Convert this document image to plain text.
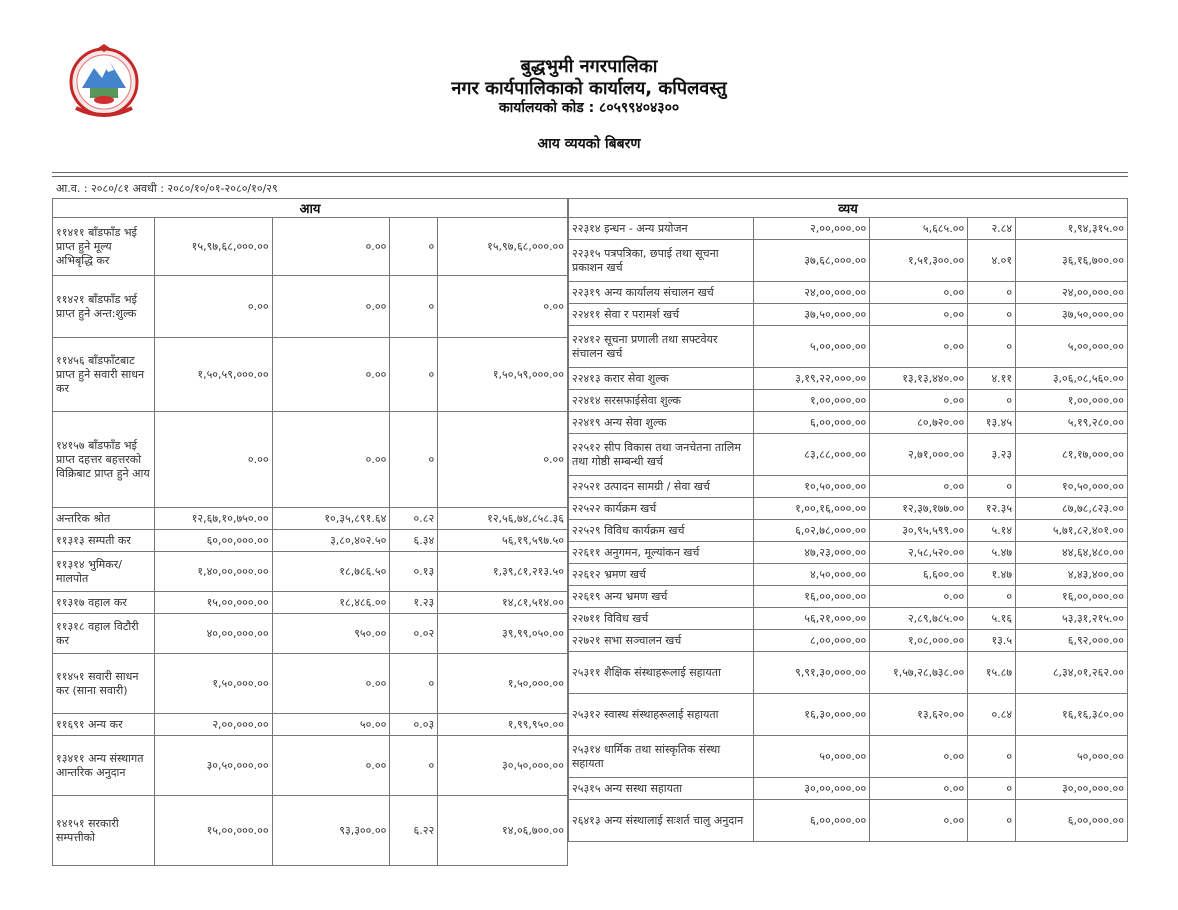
बुद्धभुमी नगरपालिका
नगर कार्यपालिकाको कार्यालय, कपिलवस्तु
कार्यालयको कोड : ८०५९९४०४३००
आय व्ययको बिबरण
आ.व. : २०८०/८१ अवधी : २०८०/१०/०१-२०८०/१०/२९
आय				
११४११ बाँडफाँड भई प्राप्त हुने मूल्य अभिबृद्धि कर	१५,९७,६८,०००.००	०.००	०	१५,९७,६८,०००.००
११४२१ बाँडफाँड भई प्राप्त हुने अन्त:शुल्क	०.००	०.००	०	०.००
११४५६ बाँडफाँटबाट प्राप्त हुने सवारी साधन कर	१,५०,५९,०००.००	०.००	०	१,५०,५९,०००.००
१४१५७ बाँडफाँड भई प्राप्त दहत्तर बहत्तरको विक्रिबाट प्राप्त हुने आय	०.००	०.००	०	०.००
अन्तरिक श्रोत	१२,६७,१०,७५०.००	१०,३५,८९१.६४	०.८२	१२,५६,७४,८५८.३६
११३१३ सम्पती कर	६०,००,०००.००	३,८०,४०२.५०	६.३४	५६,१९,५९७.५०
११३१४ भुमिकर/ मालपोत	१,४०,००,०००.००	१८,७८६.५०	०.१३	१,३९,८१,२१३.५०
११३१७ वहाल कर	१५,००,०००.००	१८,४८६.००	१.२३	१४,८१,५१४.००
११३१८ वहाल विटौरी कर	४०,००,०००.००	९५०.००	०.०२	३९,९९,०५०.००
११४५१ सवारी साधन कर (साना सवारी)	१,५०,०००.००	०.००	०	१,५०,०००.००
११६९१ अन्य कर	२,००,०००.००	५०.००	०.०३	१,९९,९५०.००
१३४११ अन्य संस्थागत आन्तरिक अनुदान	३०,५०,०००.००	०.००	०	३०,५०,०००.००
१४१५१ सरकारी सम्पत्तीको	१५,००,०००.००	९३,३००.००	६.२२	१४,०६,७००.००
व्यय				
२२३१४ इन्धन - अन्य प्रयोजन	२,००,०००.००	५,६८५.००	२.८४	१,९४,३१५.००
२२३१५ पत्रपत्रिका, छपाई तथा सूचना प्रकाशन खर्च	३७,६८,०००.००	१,५१,३००.००	४.०१	३६,१६,७००.००
२२३१९ अन्य कार्यालय संचालन खर्च	२४,००,०००.००	०.००	०	२४,००,०००.००
२२४११ सेवा र परामर्श खर्च	३७,५०,०००.००	०.००	०	३७,५०,०००.००
२२४१२ सूचना प्रणाली तथा सफ्टवेयर संचालन खर्च	५,००,०००.००	०.००	०	५,००,०००.००
२२४१३ करार सेवा शुल्क	३,१९,२२,०००.००	१३,१३,४४०.००	४.११	३,०६,०८,५६०.००
२२४१४ सरसफाईसेवा शुल्क	१,००,०००.००	०.००	०	१,००,०००.००
२२४१९ अन्य सेवा शुल्क	६,००,०००.००	८०,७२०.००	१३.४५	५,१९,२८०.००
२२५१२ सीप विकास तथा जनचेतना तालिम तथा गोष्ठी सम्बन्धी खर्च	८३,८८,०००.००	२,७१,०००.००	३.२३	८१,१७,०००.००
२२५२१ उत्पादन सामग्री / सेवा खर्च	१०,५०,०००.००	०.००	०	१०,५०,०००.००
२२५२२ कार्यक्रम खर्च	१,००,१६,०००.००	१२,३७,१७७.००	१२.३५	८७,७८,८२३.००
२२५२९ विविध कार्यक्रम खर्च	६,०२,७८,०००.००	३०,९५,५९९.००	५.१४	५,७१,८२,४०१.००
२२६११ अनुगमन, मूल्यांकन खर्च	४७,२३,०००.००	२,५८,५२०.००	५.४७	४४,६४,४८०.००
२२६१२ भ्रमण खर्च	४,५०,०००.००	६,६००.००	१.४७	४,४३,४००.००
२२६१९ अन्य भ्रमण खर्च	१६,००,०००.००	०.००	०	१६,००,०००.००
२२७११ विविध खर्च	५६,२१,०००.००	२,८९,७८५.००	५.१६	५३,३१,२१५.००
२२७२१ सभा सञ्चालन खर्च	८,००,०००.००	१,०८,०००.००	१३.५	६,९२,०००.००
२५३११ शैक्षिक संस्थाहरूलाई सहायता	९,९१,३०,०००.००	१,५७,२८,७३८.००	१५.८७	८,३४,०१,२६२.००
२५३१२ स्वास्थ संस्थाहरूलाई सहायता	१६,३०,०००.००	१३,६२०.००	०.८४	१६,१६,३८०.००
२५३१४ धार्मिक तथा सांस्कृतिक संस्था सहायता	५०,०००.००	०.००	०	५०,०००.००
२५३१५ अन्य सस्था सहायता	३०,००,०००.००	०.००	०	३०,००,०००.००
२६४१३ अन्य संस्थालाई सःशर्त चालु अनुदान	६,००,०००.००	०.००	०	६,००,०००.००
